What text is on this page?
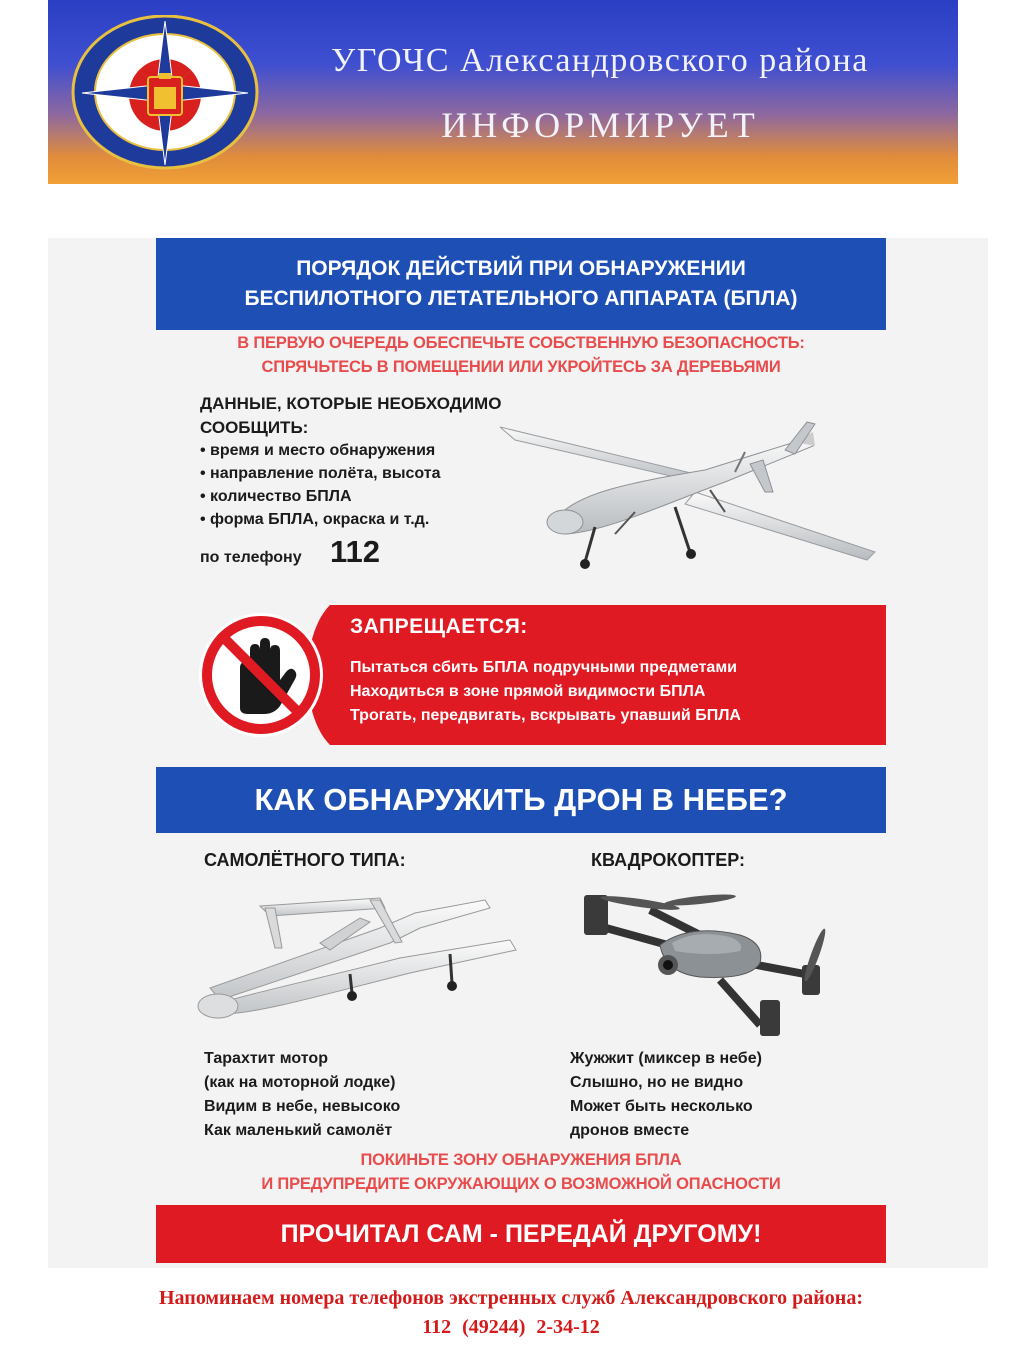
УГОЧС Александровского района
ИНФОРМИРУЕТ
ПОРЯДОК ДЕЙСТВИЙ ПРИ ОБНАРУЖЕНИИ
БЕСПИЛОТНОГО ЛЕТАТЕЛЬНОГО АППАРАТА (БПЛА)
В ПЕРВУЮ ОЧЕРЕДЬ ОБЕСПЕЧЬТЕ СОБСТВЕННУЮ БЕЗОПАСНОСТЬ:
СПРЯЧЬТЕСЬ В ПОМЕЩЕНИИ ИЛИ УКРОЙТЕСЬ ЗА ДЕРЕВЬЯМИ
ДАННЫЕ, КОТОРЫЕ НЕОБХОДИМО
СООБЩИТЬ:
• время и место обнаружения
• направление полёта, высота
• количество БПЛА
• форма БПЛА, окраска и т.д.
по телефону 112
ЗАПРЕЩАЕТСЯ:
Пытаться сбить БПЛА подручными предметами
Находиться в зоне прямой видимости БПЛА
Трогать, передвигать, вскрывать упавший БПЛА
КАК ОБНАРУЖИТЬ ДРОН В НЕБЕ?
САМОЛЁТНОГО ТИПА:	КВАДРОКОПТЕР:
Тарахтит мотор
(как на моторной лодке)
Видим в небе, невысоко
Как маленький самолёт
Жужжит (миксер в небе)
Слышно, но не видно
Может быть несколько
дронов вместе
ПОКИНЬТЕ ЗОНУ ОБНАРУЖЕНИЯ БПЛА
И ПРЕДУПРЕДИТЕ ОКРУЖАЮЩИХ О ВОЗМОЖНОЙ ОПАСНОСТИ
ПРОЧИТАЛ САМ - ПЕРЕДАЙ ДРУГОМУ!
Напоминаем номера телефонов экстренных служб Александровского района:
112 (49244) 2-34-12
